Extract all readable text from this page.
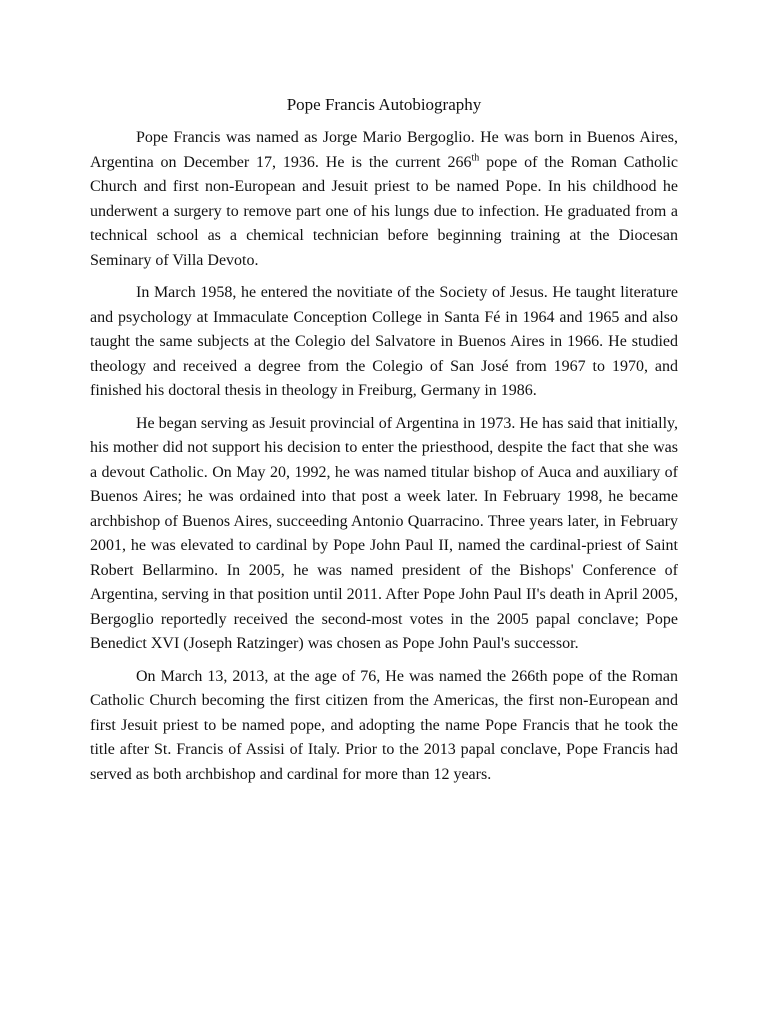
Pope Francis Autobiography

Pope Francis was named as Jorge Mario Bergoglio. He was born in Buenos Aires, Argentina on December 17, 1936. He is the current 266th pope of the Roman Catholic Church and first non-European and Jesuit priest to be named Pope. In his childhood he underwent a surgery to remove part one of his lungs due to infection. He graduated from a technical school as a chemical technician before beginning training at the Diocesan Seminary of Villa Devoto.

In March 1958, he entered the novitiate of the Society of Jesus. He taught literature and psychology at Immaculate Conception College in Santa Fé in 1964 and 1965 and also taught the same subjects at the Colegio del Salvatore in Buenos Aires in 1966. He studied theology and received a degree from the Colegio of San José from 1967 to 1970, and finished his doctoral thesis in theology in Freiburg, Germany in 1986.

He began serving as Jesuit provincial of Argentina in 1973. He has said that initially, his mother did not support his decision to enter the priesthood, despite the fact that she was a devout Catholic. On May 20, 1992, he was named titular bishop of Auca and auxiliary of Buenos Aires; he was ordained into that post a week later. In February 1998, he became archbishop of Buenos Aires, succeeding Antonio Quarracino. Three years later, in February 2001, he was elevated to cardinal by Pope John Paul II, named the cardinal-priest of Saint Robert Bellarmino. In 2005, he was named president of the Bishops' Conference of Argentina, serving in that position until 2011. After Pope John Paul II's death in April 2005, Bergoglio reportedly received the second-most votes in the 2005 papal conclave; Pope Benedict XVI (Joseph Ratzinger) was chosen as Pope John Paul's successor.

On March 13, 2013, at the age of 76, He was named the 266th pope of the Roman Catholic Church becoming the first citizen from the Americas, the first non-European and first Jesuit priest to be named pope, and adopting the name Pope Francis that he took the title after St. Francis of Assisi of Italy. Prior to the 2013 papal conclave, Pope Francis had served as both archbishop and cardinal for more than 12 years.
